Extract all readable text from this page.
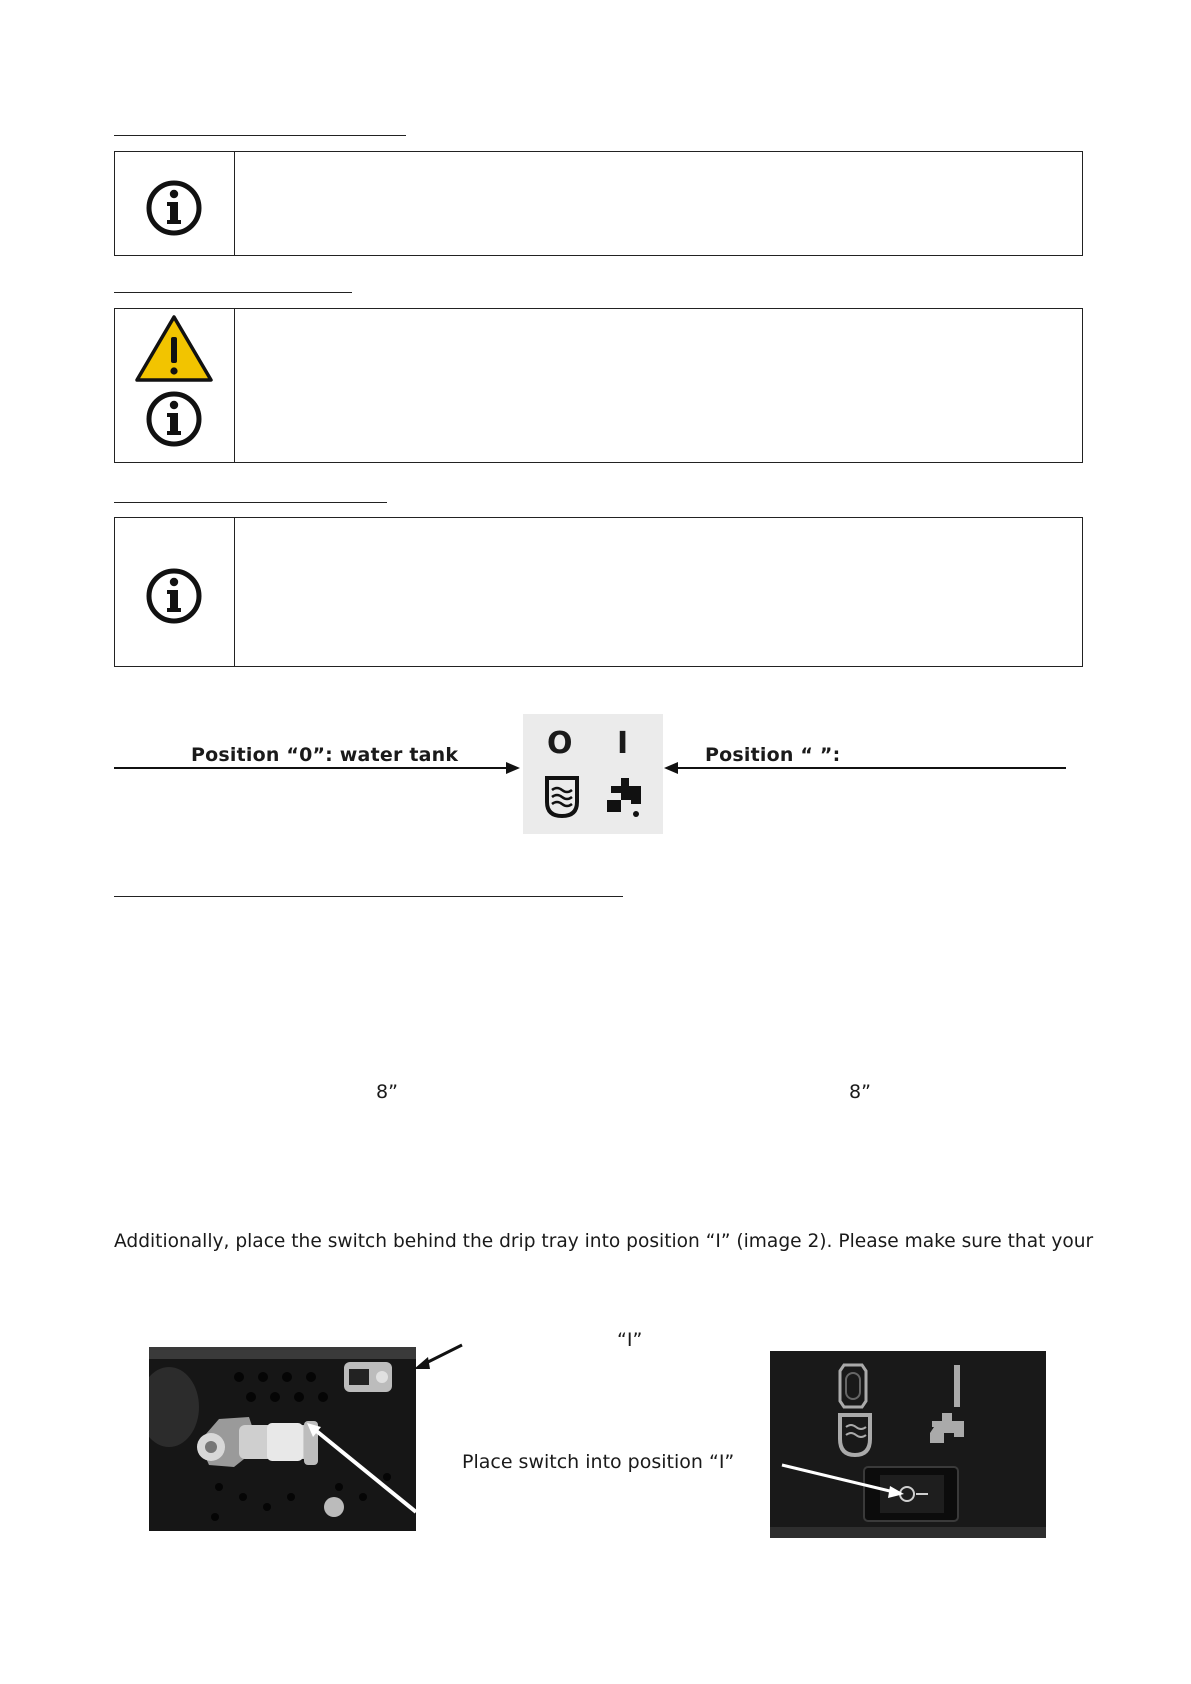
Position “0”: water tank	O I	Position “ ”:
8”	8”
Additionally, place the switch behind the drip tray into position “I” (image 2). Please make sure that your
“I”
Place switch into position “I”
